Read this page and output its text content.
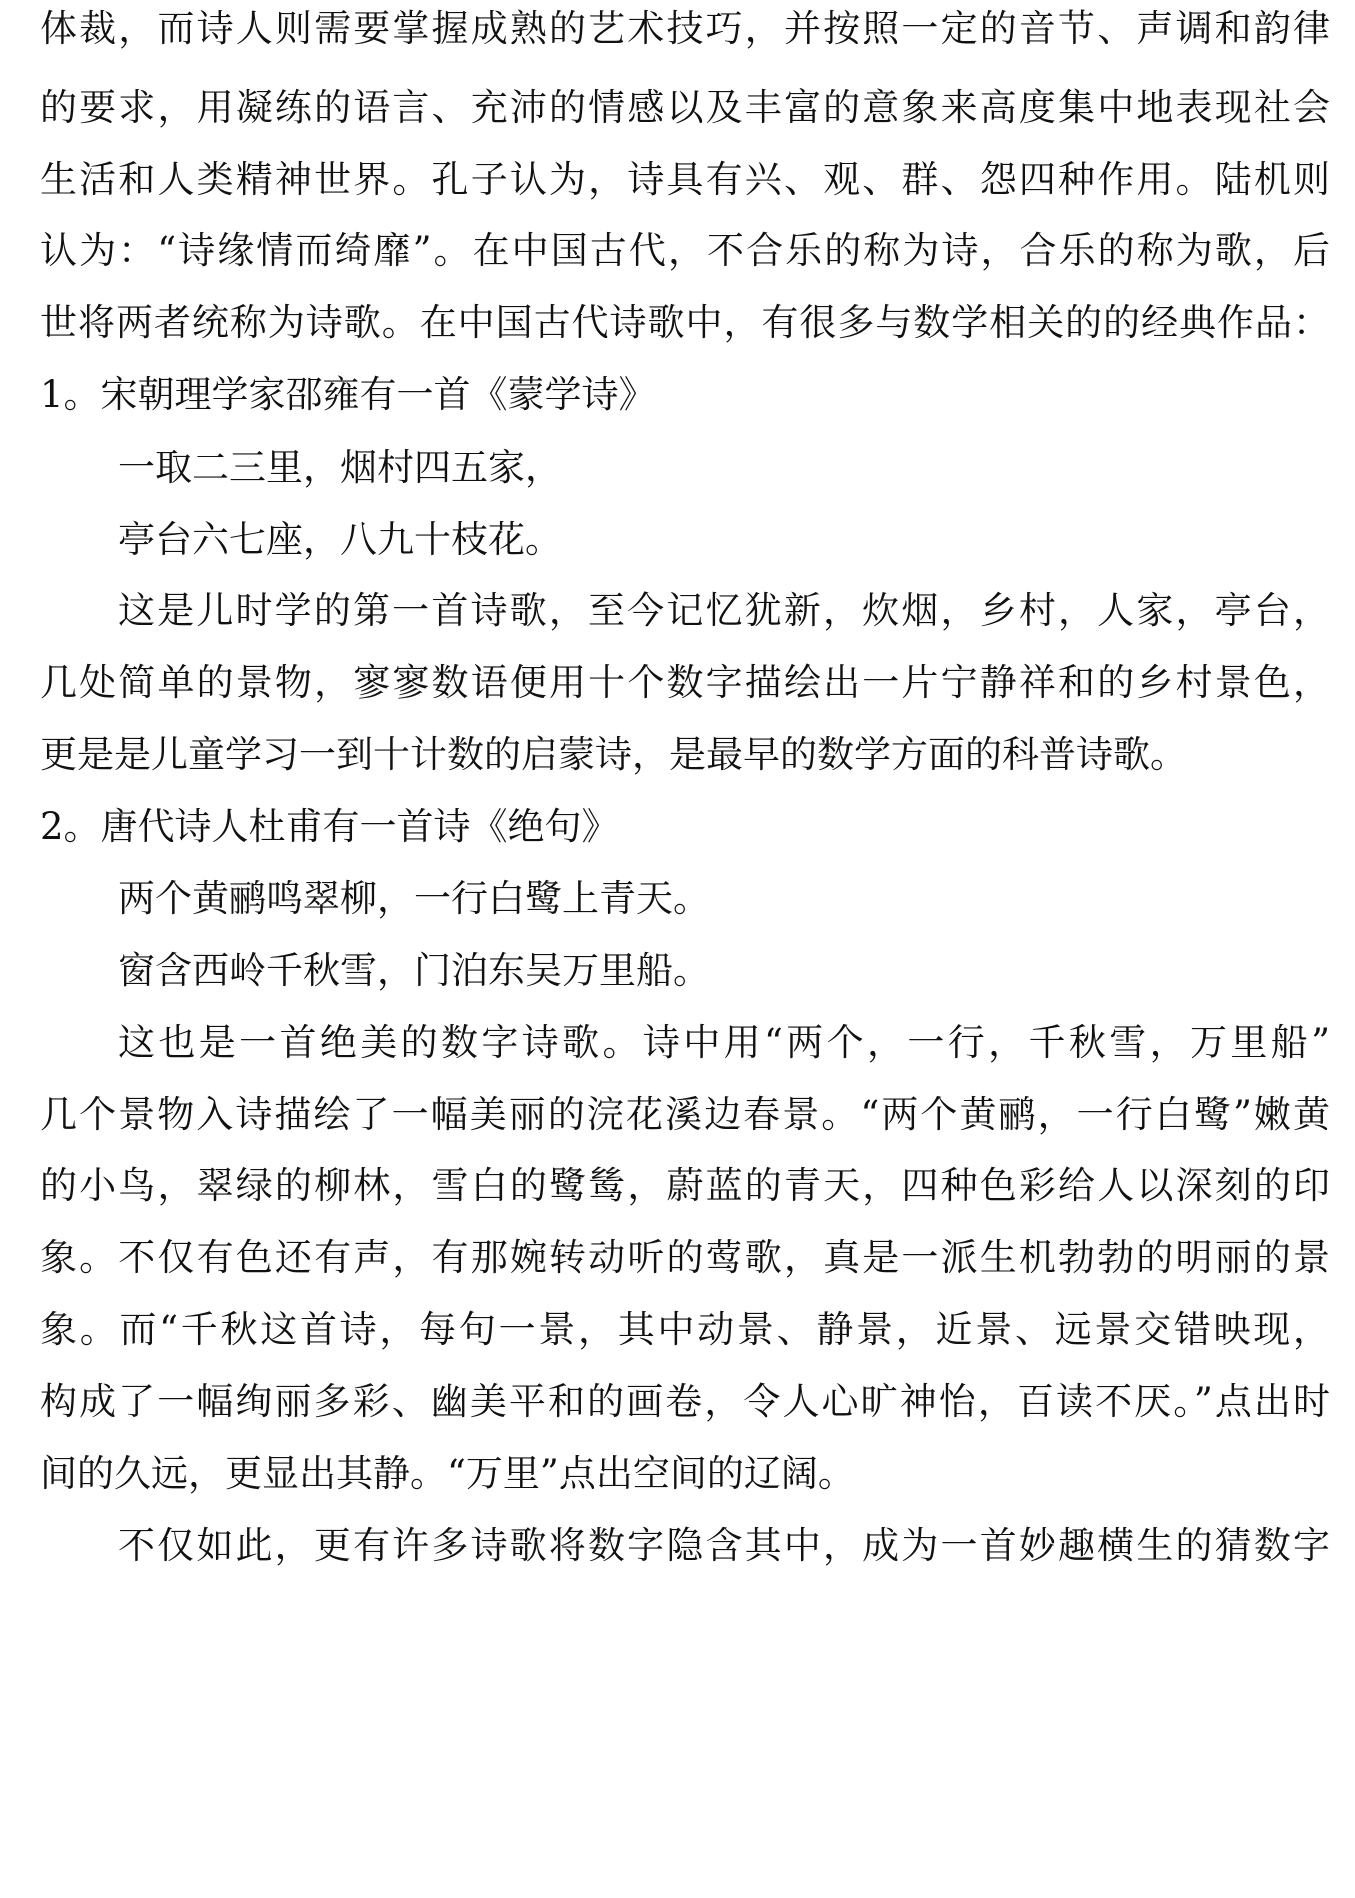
体裁，而诗人则需要掌握成熟的艺术技巧，并按照一定的音节、声调和韵律
的要求，用凝练的语言、充沛的情感以及丰富的意象来高度集中地表现社会
生活和人类精神世界。孔子认为，诗具有兴、观、群、怨四种作用。陆机则
认为：“诗缘情而绮靡”。在中国古代，不合乐的称为诗，合乐的称为歌，后
世将两者统称为诗歌。在中国古代诗歌中，有很多与数学相关的的经典作品：
1。宋朝理学家邵雍有一首《蒙学诗》
一取二三里，烟村四五家，
亭台六七座，八九十枝花。
这是儿时学的第一首诗歌，至今记忆犹新，炊烟，乡村，人家，亭台，
几处简单的景物，寥寥数语便用十个数字描绘出一片宁静祥和的乡村景色，
更是是儿童学习一到十计数的启蒙诗，是最早的数学方面的科普诗歌。
2。唐代诗人杜甫有一首诗《绝句》
两个黄鹂鸣翠柳，一行白鹭上青天。
窗含西岭千秋雪，门泊东吴万里船。
这也是一首绝美的数字诗歌。诗中用“两个，一行，千秋雪，万里船”
几个景物入诗描绘了一幅美丽的浣花溪边春景。“两个黄鹂，一行白鹭”嫩黄
的小鸟，翠绿的柳林，雪白的鹭鸶，蔚蓝的青天，四种色彩给人以深刻的印
象。不仅有色还有声，有那婉转动听的莺歌，真是一派生机勃勃的明丽的景
象。而“千秋这首诗，每句一景，其中动景、静景，近景、远景交错映现，
构成了一幅绚丽多彩、幽美平和的画卷，令人心旷神怡，百读不厌。”点出时
间的久远，更显出其静。“万里”点出空间的辽阔。
不仅如此，更有许多诗歌将数字隐含其中，成为一首妙趣横生的猜数字
